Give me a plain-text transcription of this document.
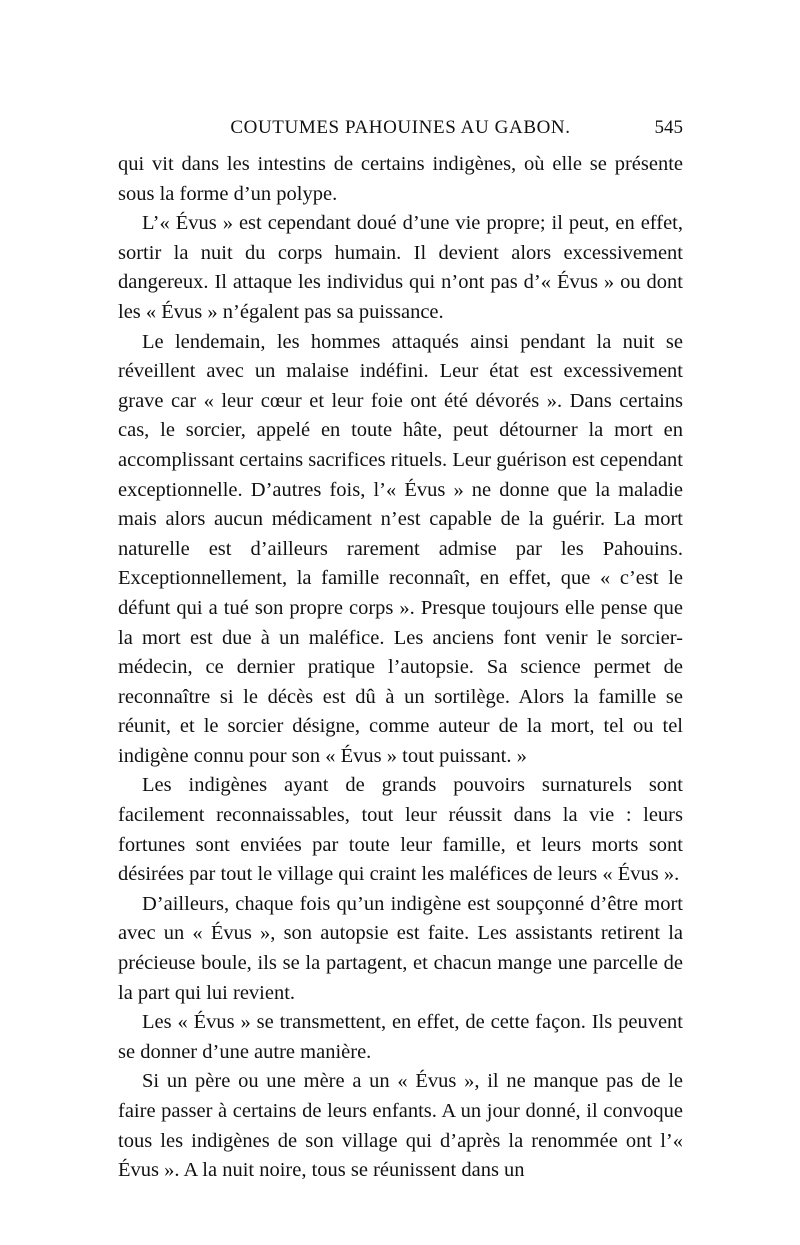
COUTUMES PAHOUINES AU GABON.	545

qui vit dans les intestins de certains indigènes, où elle se présente sous la forme d’un polype.

L’« Évus » est cependant doué d’une vie propre; il peut, en effet, sortir la nuit du corps humain. Il devient alors excessivement dangereux. Il attaque les individus qui n’ont pas d’« Évus » ou dont les « Évus » n’égalent pas sa puissance.

Le lendemain, les hommes attaqués ainsi pendant la nuit se réveillent avec un malaise indéfini. Leur état est excessivement grave car « leur cœur et leur foie ont été dévorés ». Dans certains cas, le sorcier, appelé en toute hâte, peut détourner la mort en accomplissant certains sacrifices rituels. Leur guérison est cependant exceptionnelle. D’autres fois, l’« Évus » ne donne que la maladie mais alors aucun médicament n’est capable de la guérir. La mort naturelle est d’ailleurs rarement admise par les Pahouins. Exceptionnellement, la famille reconnaît, en effet, que « c’est le défunt qui a tué son propre corps ». Presque toujours elle pense que la mort est due à un maléfice. Les anciens font venir le sorcier-médecin, ce dernier pratique l’autopsie. Sa science permet de reconnaître si le décès est dû à un sortilège. Alors la famille se réunit, et le sorcier désigne, comme auteur de la mort, tel ou tel indigène connu pour son « Évus » tout puissant. »

Les indigènes ayant de grands pouvoirs surnaturels sont facilement reconnaissables, tout leur réussit dans la vie : leurs fortunes sont enviées par toute leur famille, et leurs morts sont désirées par tout le village qui craint les maléfices de leurs « Évus ».

D’ailleurs, chaque fois qu’un indigène est soupçonné d’être mort avec un « Évus », son autopsie est faite. Les assistants retirent la précieuse boule, ils se la partagent, et chacun mange une parcelle de la part qui lui revient.

Les « Évus » se transmettent, en effet, de cette façon. Ils peuvent se donner d’une autre manière.

Si un père ou une mère a un « Évus », il ne manque pas de le faire passer à certains de leurs enfants. A un jour donné, il convoque tous les indigènes de son village qui d’après la renommée ont l’« Évus ». A la nuit noire, tous se réunissent dans un
